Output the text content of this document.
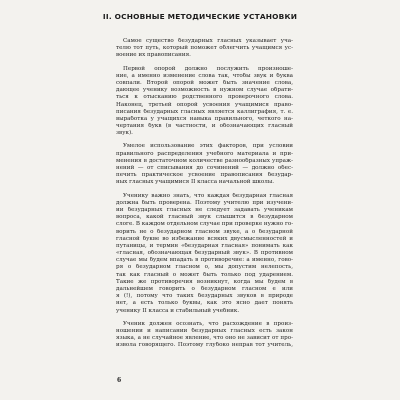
II. ОСНОВНЫЕ МЕТОДИЧЕСКИЕ УСТАНОВКИ
Самое существо безударных гласных указывает уча-
телю тот путь, который поможет облегчить учащимся ус-
воение их правописания.
Первой опорой должно послужить произноше-
ние, а именно изменение слова так, чтобы звук и буква
совпали. Второй опорой может быть значение слова,
дающее ученику возможность в нужном случае обрати-
ться к отысканию родственного проверочного слова.
Наконец, третьей опорой усвоения учащимися право-
писания безударных гласных является каллиграфия, т. е.
выработка у учащихся навыка правильного, четкого на-
чертания букв (в частности, и обозначающих гласный
звук).
Умелое использование этих факторов, при условии
правильного распределения учебного материала и при-
менения в достаточном количестве разнообразных упраж-
нений — от списывания до сочинений — должно обес-
печить практическое усвоение правописания безудар-
ных гласных учащимися II класса начальной школы.
Ученику важно знать, что каждая безударная гласная
должна быть проверена. Поэтому учителю при изучени-
ии безударных гласных не следует задавать ученикам
вопроса, какой гласный звук слышится в безударном
слоге. В каждом отдельном случае при проверке нужно го-
ворить не о безударном гласном звуке, а о безударной
гласной букве во избежание всяких двусмысленностей и
путаницы, и термин «безударная гласная» понимать как
«гласная, обозначающая безударный звук». В противном
случае мы будем впадать в противоречие: а именно, гово-
ря о безударном гласном о, мы допустим нелепость,
так как гласный о может быть только под ударением.
Такие же противоречия возникнут, когда мы будем в
дальнейшем говорить о безударном гласном е или
я (!), потому что таких безударных звуков в природе
нет, а есть только буквы, как это ясно дает понять
ученику II класса и стабильный учебник.
Ученик должен осознать, что расхождение в произ-
ношении и написании безударных гласных есть закон
языка, а не случайное явление, что оно не зависит от про-
извола говорящего. Поэтому глубоко неправ тот учитель,
6
